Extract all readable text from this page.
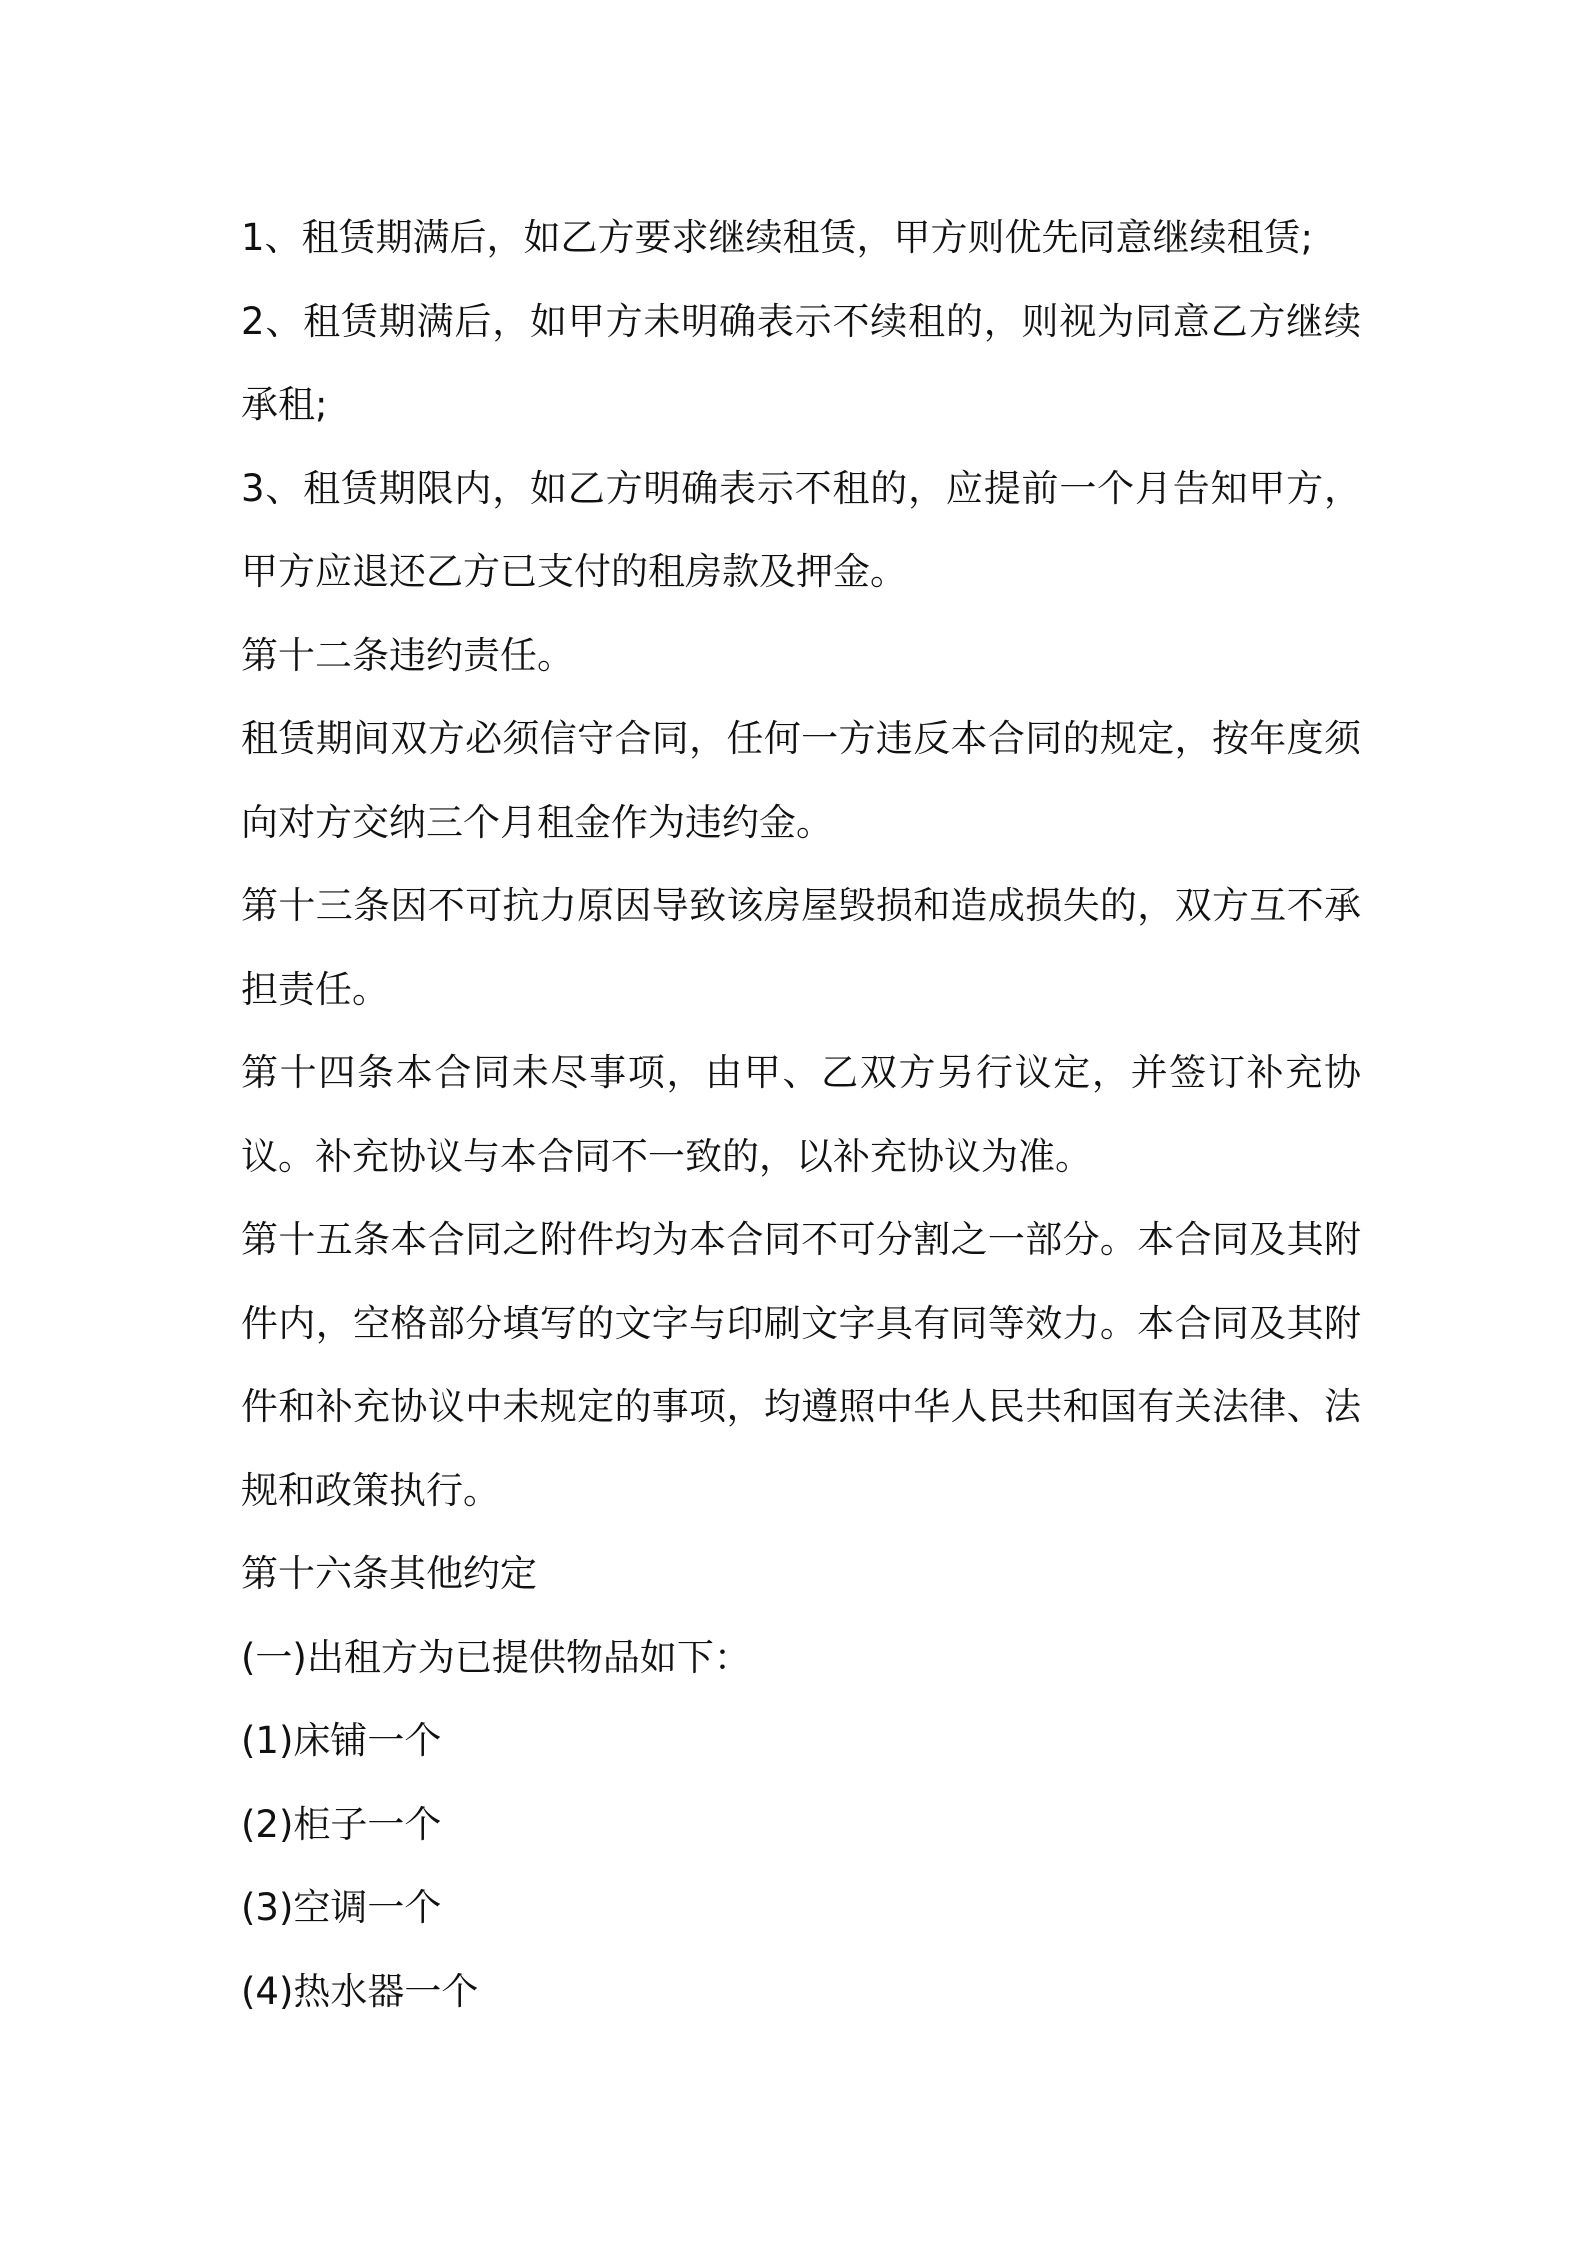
1、租赁期满后，如乙方要求继续租赁，甲方则优先同意继续租赁;

2、租赁期满后，如甲方未明确表示不续租的，则视为同意乙方继续承租;

3、租赁期限内，如乙方明确表示不租的，应提前一个月告知甲方，甲方应退还乙方已支付的租房款及押金。

第十二条违约责任。

租赁期间双方必须信守合同，任何一方违反本合同的规定，按年度须向对方交纳三个月租金作为违约金。

第十三条因不可抗力原因导致该房屋毁损和造成损失的，双方互不承担责任。

第十四条本合同未尽事项，由甲、乙双方另行议定，并签订补充协议。补充协议与本合同不一致的，以补充协议为准。

第十五条本合同之附件均为本合同不可分割之一部分。本合同及其附件内，空格部分填写的文字与印刷文字具有同等效力。本合同及其附件和补充协议中未规定的事项，均遵照中华人民共和国有关法律、法规和政策执行。

第十六条其他约定

(一)出租方为已提供物品如下：

(1)床铺一个

(2)柜子一个

(3)空调一个

(4)热水器一个
